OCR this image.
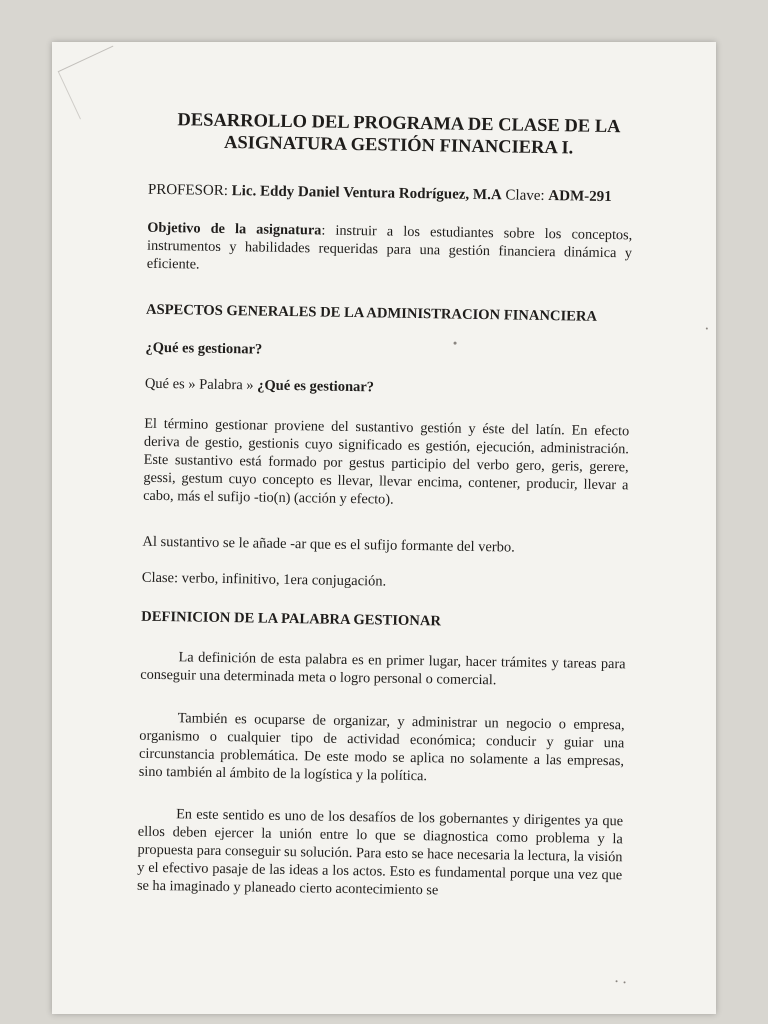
DESARROLLO DEL PROGRAMA DE CLASE DE LA
ASIGNATURA GESTIÓN FINANCIERA I.
PROFESOR: Lic. Eddy Daniel Ventura Rodríguez, M.A Clave: ADM-291
Objetivo de la asignatura: instruir a los estudiantes sobre los conceptos, instrumentos y habilidades requeridas para una gestión financiera dinámica y eficiente.
ASPECTOS GENERALES DE LA ADMINISTRACION FINANCIERA
¿Qué es gestionar?
Qué es » Palabra » ¿Qué es gestionar?
El término gestionar proviene del sustantivo gestión y éste del latín. En efecto deriva de gestio, gestionis cuyo significado es gestión, ejecución, administración. Este sustantivo está formado por gestus participio del verbo gero, geris, gerere, gessi, gestum cuyo concepto es llevar, llevar encima, contener, producir, llevar a cabo, más el sufijo -tio(n) (acción y efecto).
Al sustantivo se le añade -ar que es el sufijo formante del verbo.
Clase: verbo, infinitivo, 1era conjugación.
DEFINICION DE LA PALABRA GESTIONAR
La definición de esta palabra es en primer lugar, hacer trámites y tareas para conseguir una determinada meta o logro personal o comercial.
También es ocuparse de organizar, y administrar un negocio o empresa, organismo o cualquier tipo de actividad económica; conducir y guiar una circunstancia problemática. De este modo se aplica no solamente a las empresas, sino también al ámbito de la logística y la política.
En este sentido es uno de los desafíos de los gobernantes y dirigentes ya que ellos deben ejercer la unión entre lo que se diagnostica como problema y la propuesta para conseguir su solución. Para esto se hace necesaria la lectura, la visión y el efectivo pasaje de las ideas a los actos. Esto es fundamental porque una vez que se ha imaginado y planeado cierto acontecimiento se
